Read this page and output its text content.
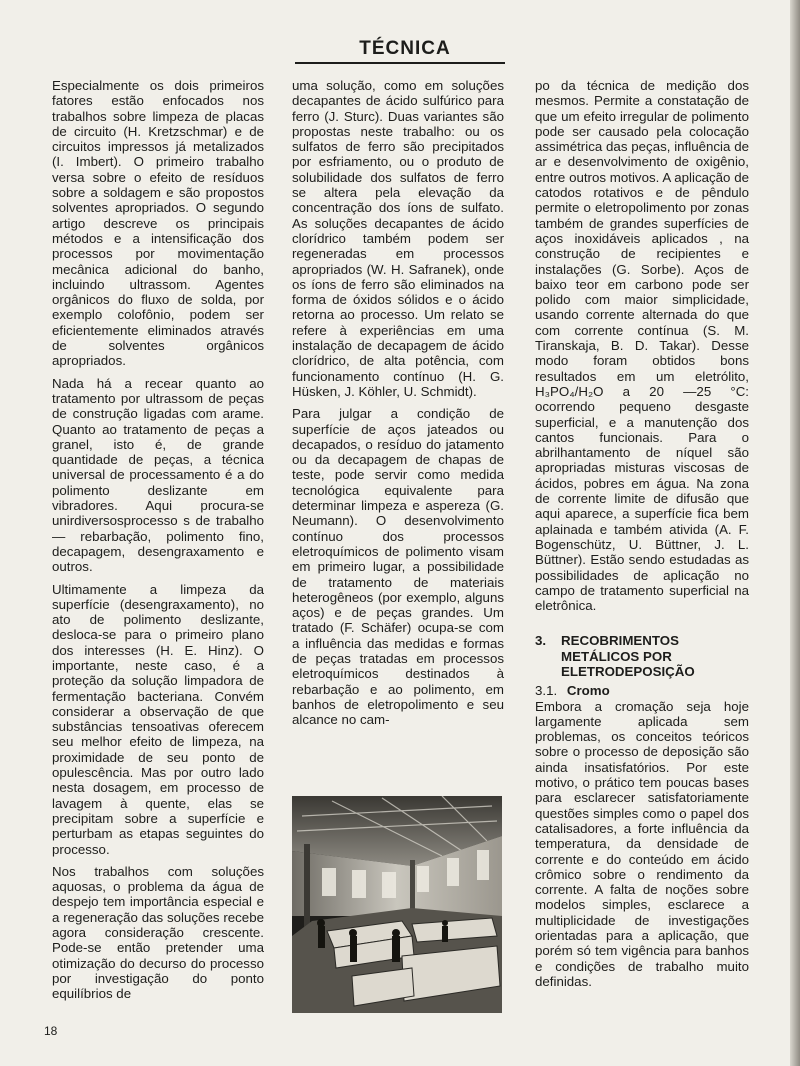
TÉCNICA

Especialmente os dois primeiros fatores estão enfocados nos trabalhos sobre limpeza de placas de circuito (H. Kretzschmar) e de circuitos impressos já metalizados (I. Imbert). O primeiro trabalho versa sobre o efeito de resíduos sobre a soldagem e são propostos solventes apropriados. O segundo artigo descreve os principais métodos e a intensificação dos processos por movimentação mecânica adicional do banho, incluindo ultrassom. Agentes orgânicos do fluxo de solda, por exemplo colofônio, podem ser eficientemente eliminados através de solventes orgânicos apropriados.

Nada há a recear quanto ao tratamento por ultrassom de peças de construção ligadas com arame. Quanto ao tratamento de peças a granel, isto é, de grande quantidade de peças, a técnica universal de processamento é a do polimento deslizante em vibradores. Aqui procura-se unirdiversosprocesso s de trabalho — rebarbação, polimento fino, decapagem, desengraxamento e outros.

Ultimamente a limpeza da superfície (desengraxamento), no ato de polimento deslizante, desloca-se para o primeiro plano dos interesses (H. E. Hinz). O importante, neste caso, é a proteção da solução limpadora de fermentação bacteriana. Convém considerar a observação de que substâncias tensoativas oferecem seu melhor efeito de limpeza, na proximidade de seu ponto de opulescência. Mas por outro lado nesta dosagem, em processo de lavagem à quente, elas se precipitam sobre a superfície e perturbam as etapas seguintes do processo.

Nos trabalhos com soluções aquosas, o problema da água de despejo tem importância especial e a regeneração das soluções recebe agora consideração crescente. Pode-se então pretender uma otimização do decurso do processo por investigação do ponto equilíbrios de

uma solução, como em soluções decapantes de ácido sulfúrico para ferro (J. Sturc). Duas variantes são propostas neste trabalho: ou os sulfatos de ferro são precipitados por esfriamento, ou o produto de solubilidade dos sulfatos de ferro se altera pela elevação da concentração dos íons de sulfato. As soluções decapantes de ácido clorídrico também podem ser regeneradas em processos apropriados (W. H. Safranek), onde os íons de ferro são eliminados na forma de óxidos sólidos e o ácido retorna ao processo. Um relato se refere à experiências em uma instalação de decapagem de ácido clorídrico, de alta potência, com funcionamento contínuo (H. G. Hüsken, J. Köhler, U. Schmidt).

Para julgar a condição de superfície de aços jateados ou decapados, o resíduo do jatamento ou da decapagem de chapas de teste, pode servir como medida tecnológica equivalente para determinar limpeza e aspereza (G. Neumann). O desenvolvimento contínuo dos processos eletroquímicos de polimento visam em primeiro lugar, a possibilidade de tratamento de materiais heterogêneos (por exemplo, alguns aços) e de peças grandes. Um tratado (F. Schäfer) ocupa-se com a influência das medidas e formas de peças tratadas em processos eletroquímicos destinados à rebarbação e ao polimento, em banhos de eletropolimento e seu alcance no cam-

po da técnica de medição dos mesmos. Permite a constatação de que um efeito irregular de polimento pode ser causado pela colocação assimétrica das peças, influência de ar e desenvolvimento de oxigênio, entre outros motivos. A aplicação de catodos rotativos e de pêndulo permite o eletropolimento por zonas também de grandes superfícies de aços inoxidáveis aplicados , na construção de recipientes e instalações (G. Sorbe). Aços de baixo teor em carbono pode ser polido com maior simplicidade, usando corrente alternada do que com corrente contínua (S. M. Tiranskaja, B. D. Takar). Desse modo foram obtidos bons resultados em um eletrólito, H₃PO₄/H₂O a 20 —25 °C: ocorrendo pequeno desgaste superficial, e a manutenção dos cantos funcionais. Para o abrilhantamento de níquel são apropriadas misturas viscosas de ácidos, pobres em água. Na zona de corrente limite de difusão que aqui aparece, a superfície fica bem aplainada e também ativida (A. F. Bogenschütz, U. Büttner, J. L. Büttner). Estão sendo estudadas as possibilidades de aplicação no campo de tratamento superficial na eletrônica.

3.	RECOBRIMENTOS METÁLICOS POR ELETRODEPOSIÇÃO
3.1. Cromo

Embora a cromação seja hoje largamente aplicada sem problemas, os conceitos teóricos sobre o processo de deposição são ainda insatisfatórios. Por este motivo, o prático tem poucas bases para esclarecer satisfatoriamente questões simples como o papel dos catalisadores, a forte influência da temperatura, da densidade de corrente e do conteúdo em ácido crômico sobre o rendimento da corrente. A falta de noções sobre modelos simples, esclarece a multiplicidade de investigações orientadas para a aplicação, que porém só tem vigência para banhos e condições de trabalho muito definidas.

18
